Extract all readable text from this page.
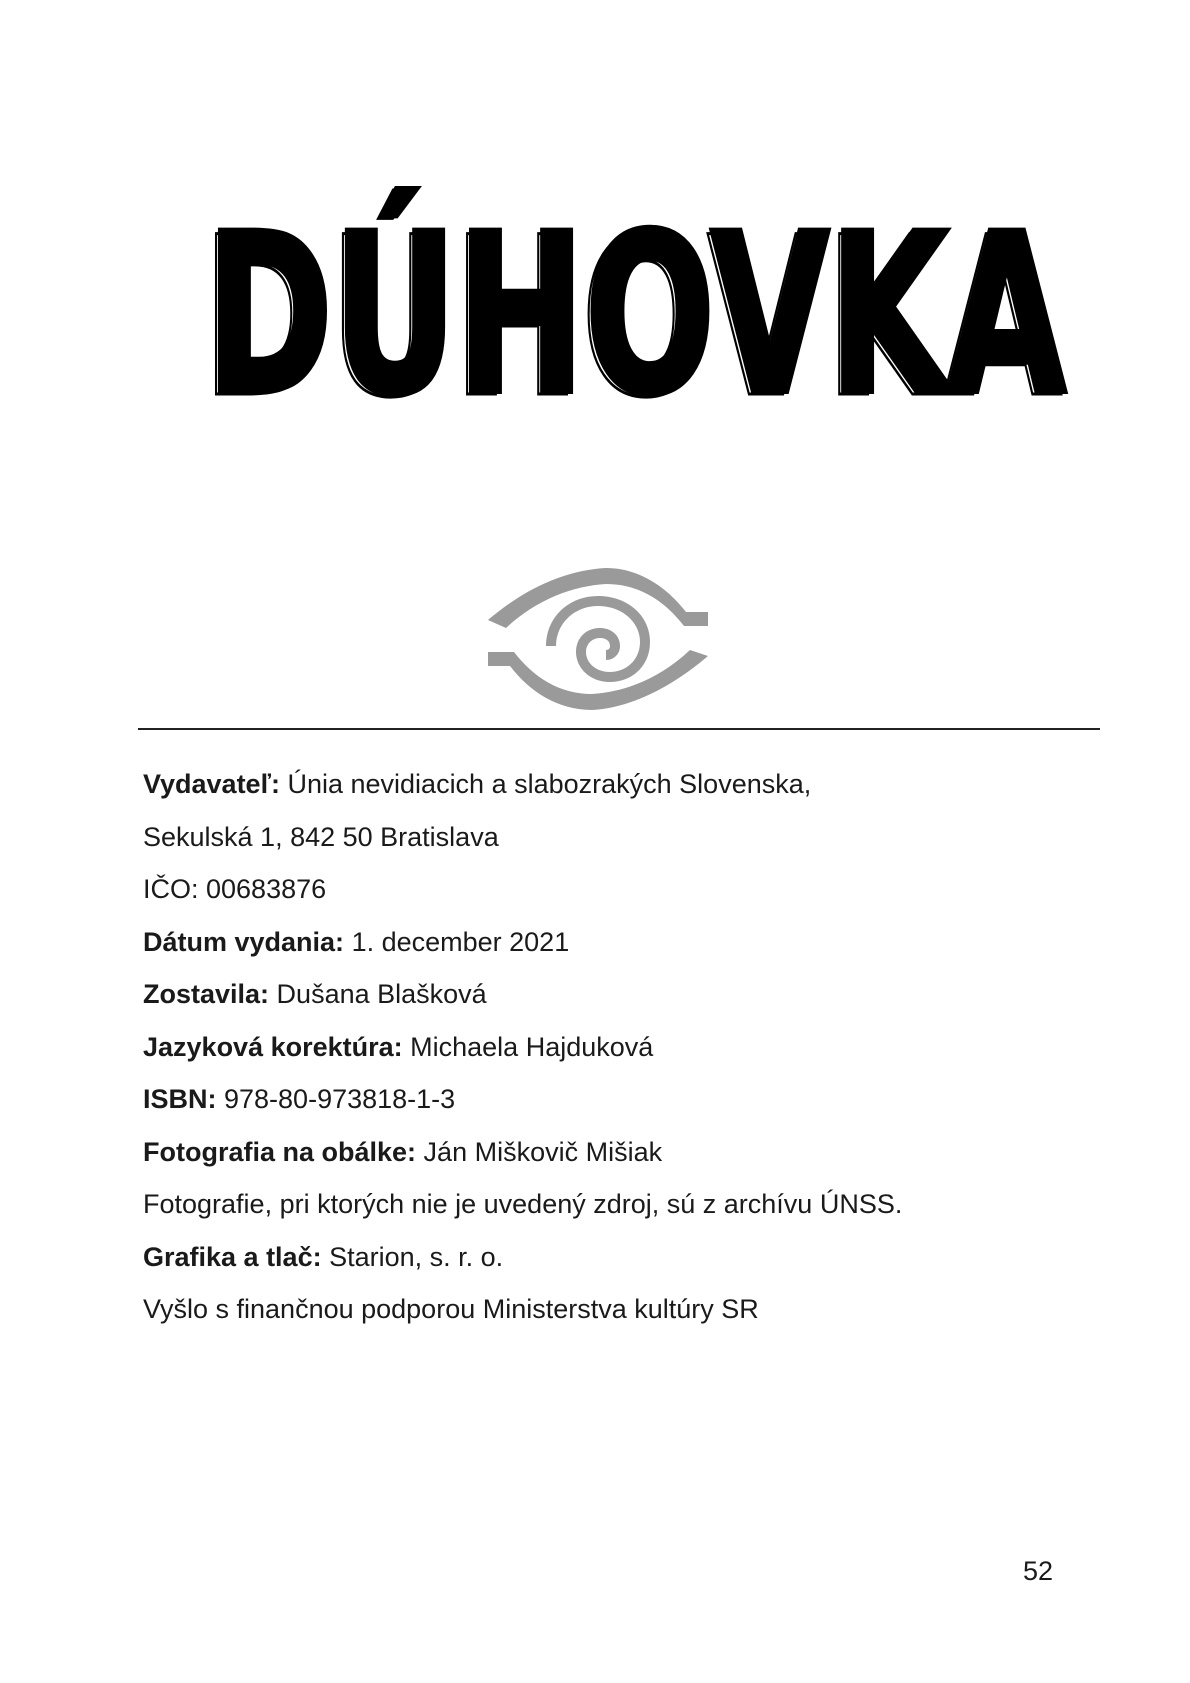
DÚHOVKA
DÚHOVKA
Vydavateľ: Únia nevidiacich a slabozrakých Slovenska,
Sekulská 1, 842 50 Bratislava
IČO: 00683876
Dátum vydania: 1. december 2021
Zostavila: Dušana Blašková
Jazyková korektúra: Michaela Hajduková
ISBN: 978-80-973818-1-3
Fotografia na obálke: Ján Miškovič Mišiak
Fotografie, pri ktorých nie je uvedený zdroj, sú z archívu ÚNSS.
Grafika a tlač: Starion, s. r. o.
Vyšlo s finančnou podporou Ministerstva kultúry SR
52
